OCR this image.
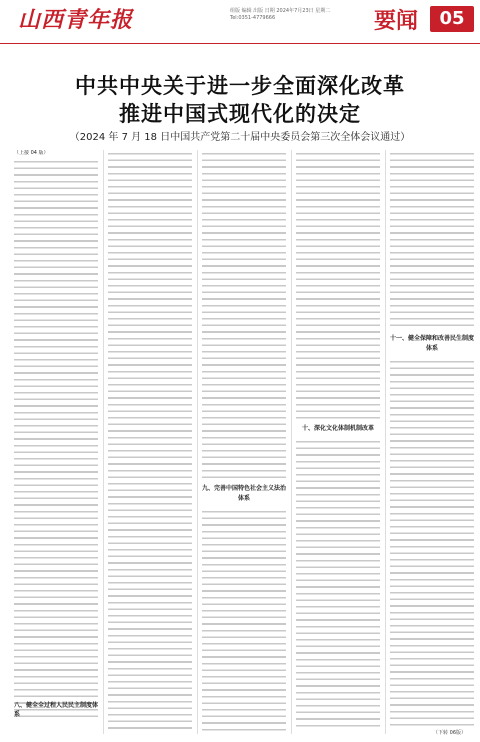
山西青年报	组版 编辑 出版 日期 2024年7月23日 星期二
Tel:0351-4779666	要闻	05
中共中央关于进一步全面深化改革
推进中国式现代化的决定
（2024 年 7 月 18 日中国共产党第二十届中央委员会第三次全体会议通过）

（上接 04 版）

九、完善中国特色社会主义法治体系

十、深化文化体制机制改革

十一、健全保障和改善民生制度体系

八、健全全过程人民民主制度体系

（下转 06版）
